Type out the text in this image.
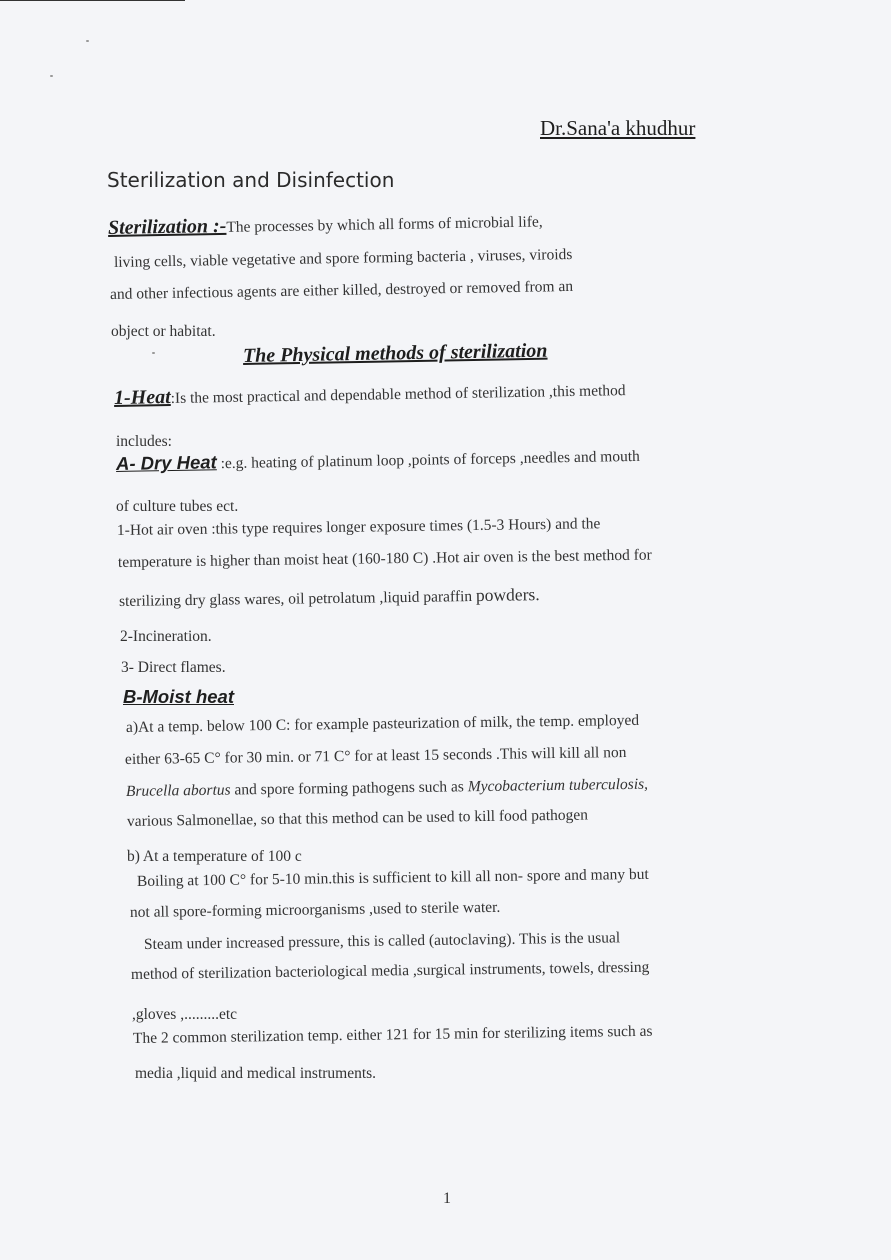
Dr.Sana'a khudhur
Sterilization and Disinfection
Sterilization :-The processes by which all forms of microbial life,
living cells, viable vegetative and spore forming bacteria , viruses, viroids
and other infectious agents are either killed, destroyed or removed from an
object or habitat.
The Physical methods of sterilization
1-Heat:Is the most practical and dependable method of sterilization ,this method
includes:
A- Dry Heat :e.g. heating of platinum loop ,points of forceps ,needles and mouth
of culture tubes ect.
1-Hot air oven :this type requires longer exposure times (1.5-3 Hours) and the
temperature is higher than moist heat (160-180 C) .Hot air oven is the best method for
sterilizing dry glass wares, oil petrolatum ,liquid paraffin powders.
2-Incineration.
3- Direct flames.
B-Moist heat
a)At a temp. below 100 C: for example pasteurization of milk, the temp. employed
either 63-65 C° for 30 min. or 71 C° for at least 15 seconds .This will kill all non
Brucella abortus and spore forming pathogens such as Mycobacterium tuberculosis,
various Salmonellae, so that this method can be used to kill food pathogen
b) At a temperature of 100 c
Boiling at 100 C° for 5-10 min.this is sufficient to kill all non- spore and many but
not all spore-forming microorganisms ,used to sterile water.
Steam under increased pressure, this is called (autoclaving). This is the usual
method of sterilization bacteriological media ,surgical instruments, towels, dressing
,gloves ,.........etc
The 2 common sterilization temp. either 121 for 15 min for sterilizing items such as
media ,liquid and medical instruments.
1
